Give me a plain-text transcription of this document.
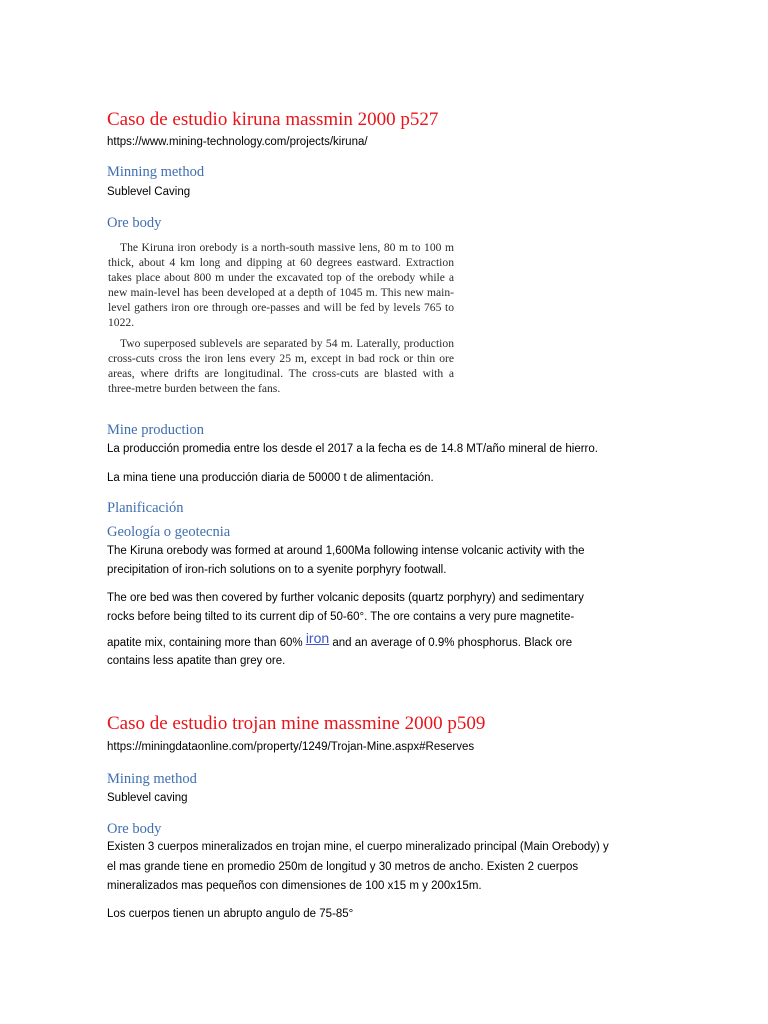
Caso de estudio kiruna massmin 2000 p527
https://www.mining-technology.com/projects/kiruna/
Minning method
Sublevel Caving
Ore body

The Kiruna iron orebody is a north-south massive lens, 80 m to 100 m thick, about 4 km long and dipping at 60 degrees eastward. Extraction takes place about 800 m under the excavated top of the orebody while a new main-level has been developed at a depth of 1045 m. This new main-level gathers iron ore through ore-passes and will be fed by levels 765 to 1022.

Two superposed sublevels are separated by 54 m. Laterally, production cross-cuts cross the iron lens every 25 m, except in bad rock or thin ore areas, where drifts are longitudinal. The cross-cuts are blasted with a three-metre burden between the fans.

Mine production
La producción promedia entre los desde el 2017 a la fecha es de 14.8 MT/año mineral de hierro.
La mina tiene una producción diaria de 50000 t de alimentación.
Planificación
Geología o geotecnia
The Kiruna orebody was formed at around 1,600Ma following intense volcanic activity with the
precipitation of iron-rich solutions on to a syenite porphyry footwall.
The ore bed was then covered by further volcanic deposits (quartz porphyry) and sedimentary
rocks before being tilted to its current dip of 50-60°. The ore contains a very pure magnetite-
apatite mix, containing more than 60% iron and an average of 0.9% phosphorus. Black ore
contains less apatite than grey ore.
Caso de estudio trojan mine massmine 2000 p509
https://miningdataonline.com/property/1249/Trojan-Mine.aspx#Reserves
Mining method
Sublevel caving
Ore body
Existen 3 cuerpos mineralizados en trojan mine, el cuerpo mineralizado principal (Main Orebody) y
el mas grande tiene en promedio 250m de longitud y 30 metros de ancho. Existen 2 cuerpos
mineralizados mas pequeños con dimensiones de 100 x15 m y 200x15m.
Los cuerpos tienen un abrupto angulo de 75-85°
